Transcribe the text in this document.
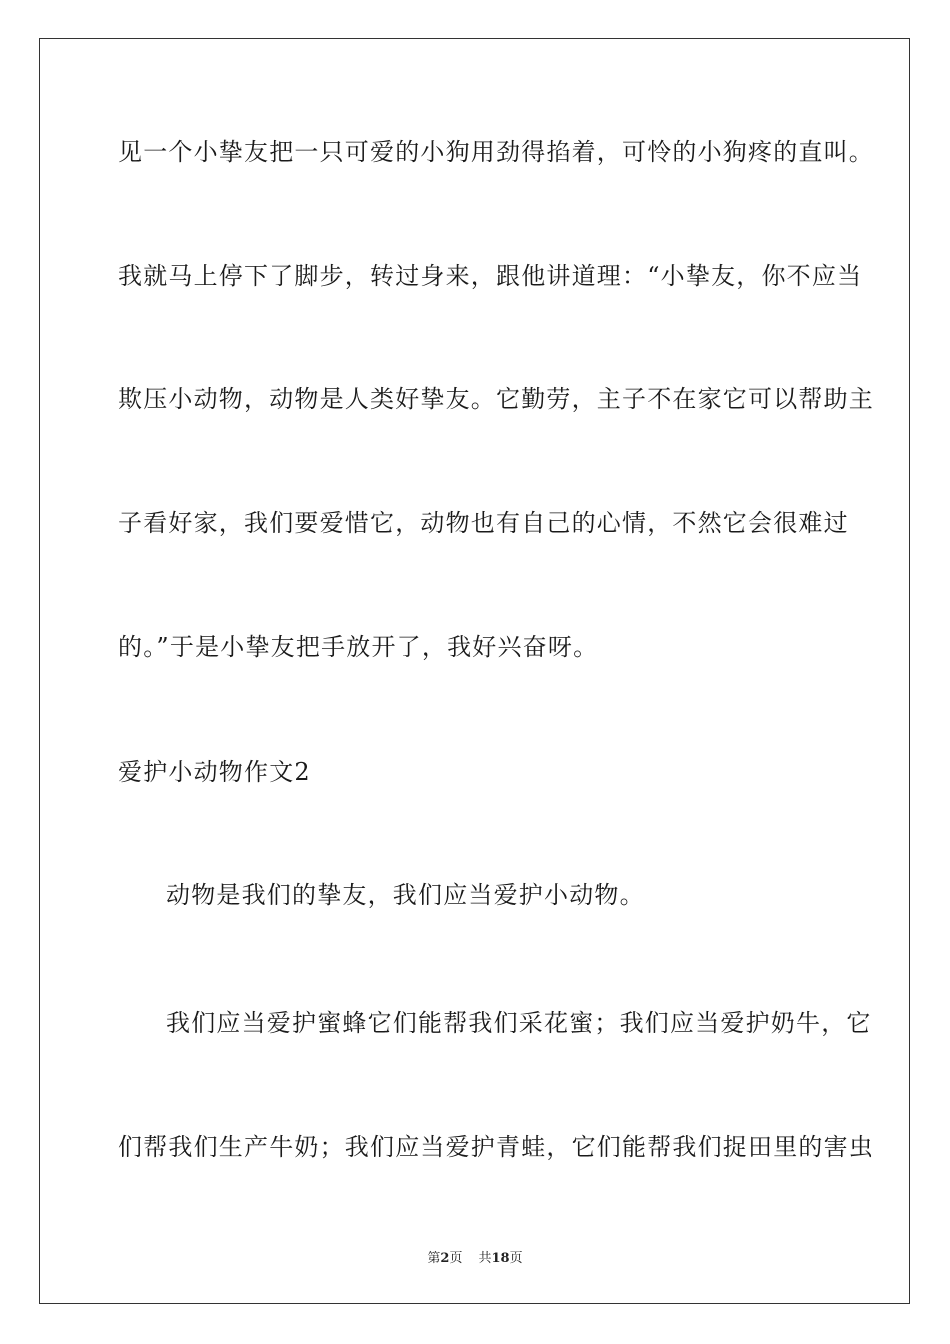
见一个小挚友把一只可爱的小狗用劲得掐着，可怜的小狗疼的直叫。
我就马上停下了脚步，转过身来，跟他讲道理：“小挚友，你不应当
欺压小动物，动物是人类好挚友。它勤劳，主子不在家它可以帮助主
子看好家，我们要爱惜它，动物也有自己的心情，不然它会很难过
的。”于是小挚友把手放开了，我好兴奋呀。
爱护小动物作文2
动物是我们的挚友，我们应当爱护小动物。
我们应当爱护蜜蜂它们能帮我们采花蜜；我们应当爱护奶牛，它
们帮我们生产牛奶；我们应当爱护青蛙，它们能帮我们捉田里的害虫
第2页 共18页
